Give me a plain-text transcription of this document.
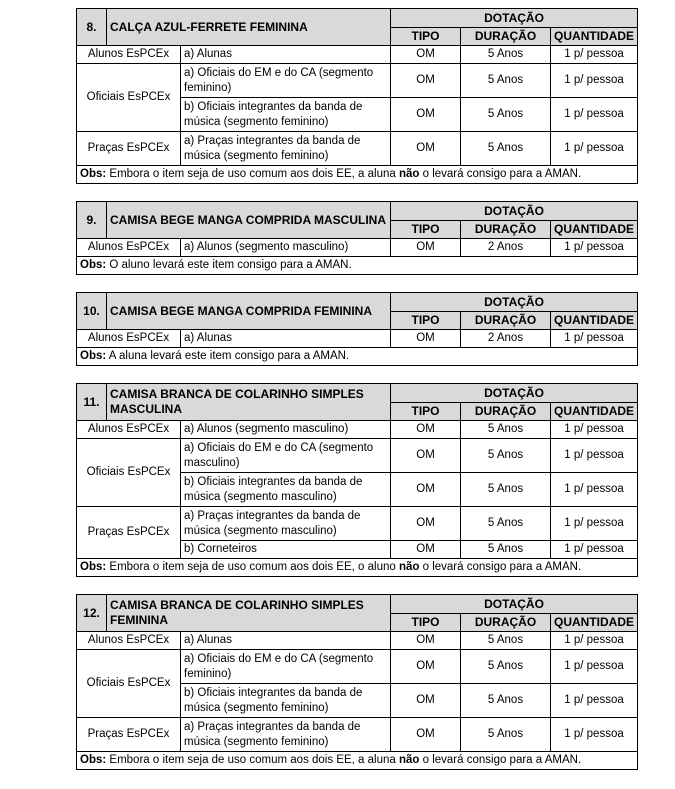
8.	CALÇA AZUL-FERRETE FEMININA		DOTAÇÃO		
			TIPO	DURAÇÃO	QUANTIDADE
Alunos EsPCEx		a) Alunas	OM	5 Anos	1 p/ pessoa
Oficiais EsPCEx		a) Oficiais do EM e do CA (segmento feminino)	OM	5 Anos	1 p/ pessoa
		b) Oficiais integrantes da banda de música (segmento feminino)	OM	5 Anos	1 p/ pessoa
Praças EsPCEx		a) Praças integrantes da banda de música (segmento feminino)	OM	5 Anos	1 p/ pessoa
Obs: Embora o item seja de uso comum aos dois EE, a aluna não o levará consigo para a AMAN.					
9.	CAMISA BEGE MANGA COMPRIDA MASCULINA		DOTAÇÃO		
			TIPO	DURAÇÃO	QUANTIDADE
Alunos EsPCEx		a) Alunos (segmento masculino)	OM	2 Anos	1 p/ pessoa
Obs: O aluno levará este item consigo para a AMAN.					
10.	CAMISA BEGE MANGA COMPRIDA FEMININA		DOTAÇÃO		
			TIPO	DURAÇÃO	QUANTIDADE
Alunos EsPCEx		a) Alunas	OM	2 Anos	1 p/ pessoa
Obs: A aluna levará este item consigo para a AMAN.					
11.	CAMISA BRANCA DE COLARINHO SIMPLES MASCULINA		DOTAÇÃO		
			TIPO	DURAÇÃO	QUANTIDADE
Alunos EsPCEx		a) Alunos (segmento masculino)	OM	5 Anos	1 p/ pessoa
Oficiais EsPCEx		a) Oficiais do EM e do CA (segmento masculino)	OM	5 Anos	1 p/ pessoa
		b) Oficiais integrantes da banda de música (segmento masculino)	OM	5 Anos	1 p/ pessoa
Praças EsPCEx		a) Praças integrantes da banda de música (segmento masculino)	OM	5 Anos	1 p/ pessoa
		b) Corneteiros	OM	5 Anos	1 p/ pessoa
Obs: Embora o item seja de uso comum aos dois EE, o aluno não o levará consigo para a AMAN.					
12.	CAMISA BRANCA DE COLARINHO SIMPLES FEMININA		DOTAÇÃO		
			TIPO	DURAÇÃO	QUANTIDADE
Alunos EsPCEx		a) Alunas	OM	5 Anos	1 p/ pessoa
Oficiais EsPCEx		a) Oficiais do EM e do CA (segmento feminino)	OM	5 Anos	1 p/ pessoa
		b) Oficiais integrantes da banda de música (segmento feminino)	OM	5 Anos	1 p/ pessoa
Praças EsPCEx		a) Praças integrantes da banda de música (segmento feminino)	OM	5 Anos	1 p/ pessoa
Obs: Embora o item seja de uso comum aos dois EE, a aluna não o levará consigo para a AMAN.					
